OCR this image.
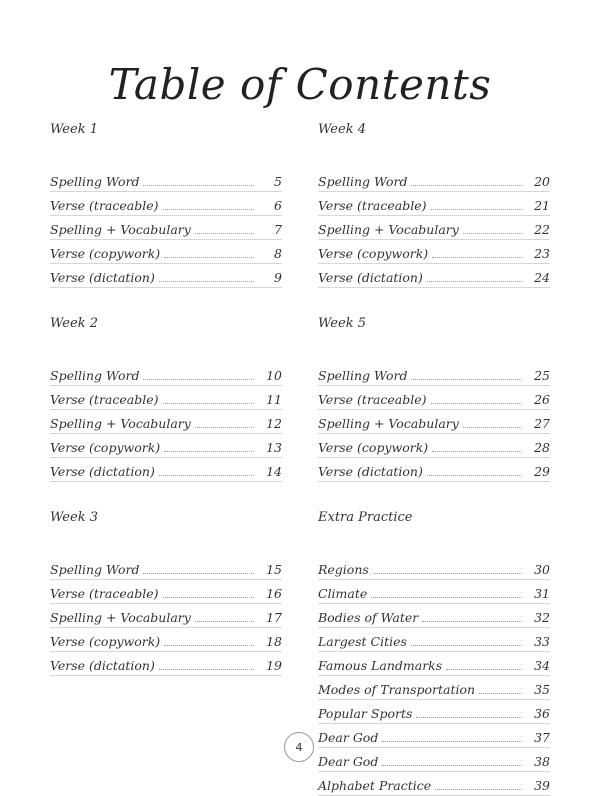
Table of Contents
Week 1
Spelling Word	5
Verse (traceable)	6
Spelling + Vocabulary	7
Verse (copywork)	8
Verse (dictation)	9
Week 2
Spelling Word	10
Verse (traceable)	11
Spelling + Vocabulary	12
Verse (copywork)	13
Verse (dictation)	14
Week 3
Spelling Word	15
Verse (traceable)	16
Spelling + Vocabulary	17
Verse (copywork)	18
Verse (dictation)	19
Week 4
Spelling Word	20
Verse (traceable)	21
Spelling + Vocabulary	22
Verse (copywork)	23
Verse (dictation)	24
Week 5
Spelling Word	25
Verse (traceable)	26
Spelling + Vocabulary	27
Verse (copywork)	28
Verse (dictation)	29
Extra Practice
Regions	30
Climate	31
Bodies of Water	32
Largest Cities	33
Famous Landmarks	34
Modes of Transportation	35
Popular Sports	36
Dear God	37
Dear God	38
Alphabet Practice	39
4
